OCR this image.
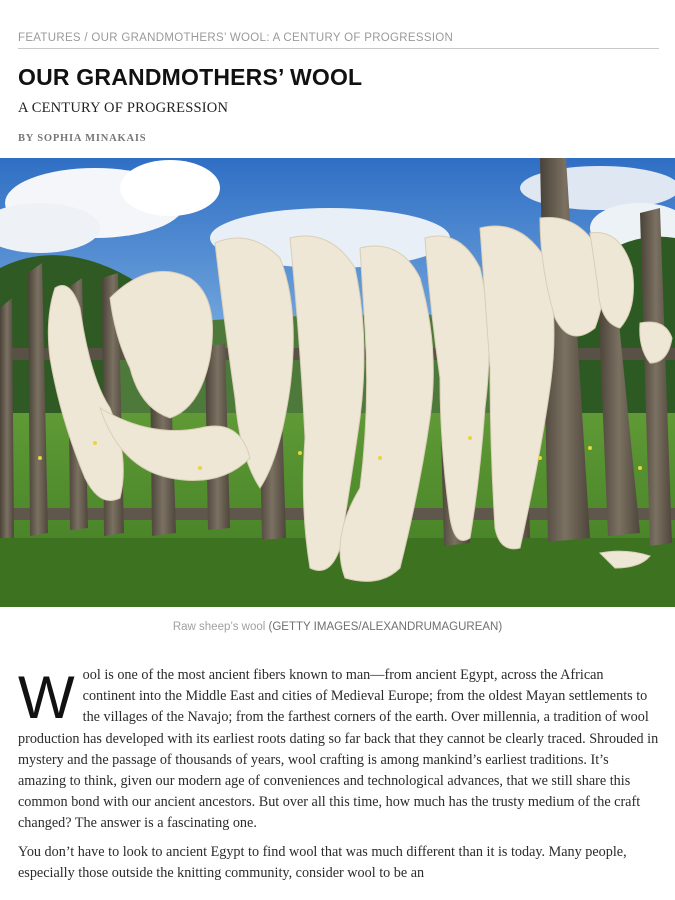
FEATURES / OUR GRANDMOTHERS’ WOOL: A CENTURY OF PROGRESSION
OUR GRANDMOTHERS’ WOOL
A CENTURY OF PROGRESSION
BY SOPHIA MINAKAIS
Raw sheep’s wool (GETTY IMAGES/ALEXANDRUMAGUREAN)

Wool is one of the most ancient fibers known to man—from ancient Egypt, across the African continent into the Middle East and cities of Medieval Europe; from the oldest Mayan settlements to the villages of the Navajo; from the farthest corners of the earth. Over millennia, a tradition of wool production has developed with its earliest roots dating so far back that they cannot be clearly traced. Shrouded in mystery and the passage of thousands of years, wool crafting is among mankind’s earliest traditions. It’s amazing to think, given our modern age of conveniences and technological advances, that we still share this common bond with our ancient ancestors. But over all this time, how much has the trusty medium of the craft changed? The answer is a fascinating one.

You don’t have to look to ancient Egypt to find wool that was much different than it is today. Many people, especially those outside the knitting community, consider wool to be an
